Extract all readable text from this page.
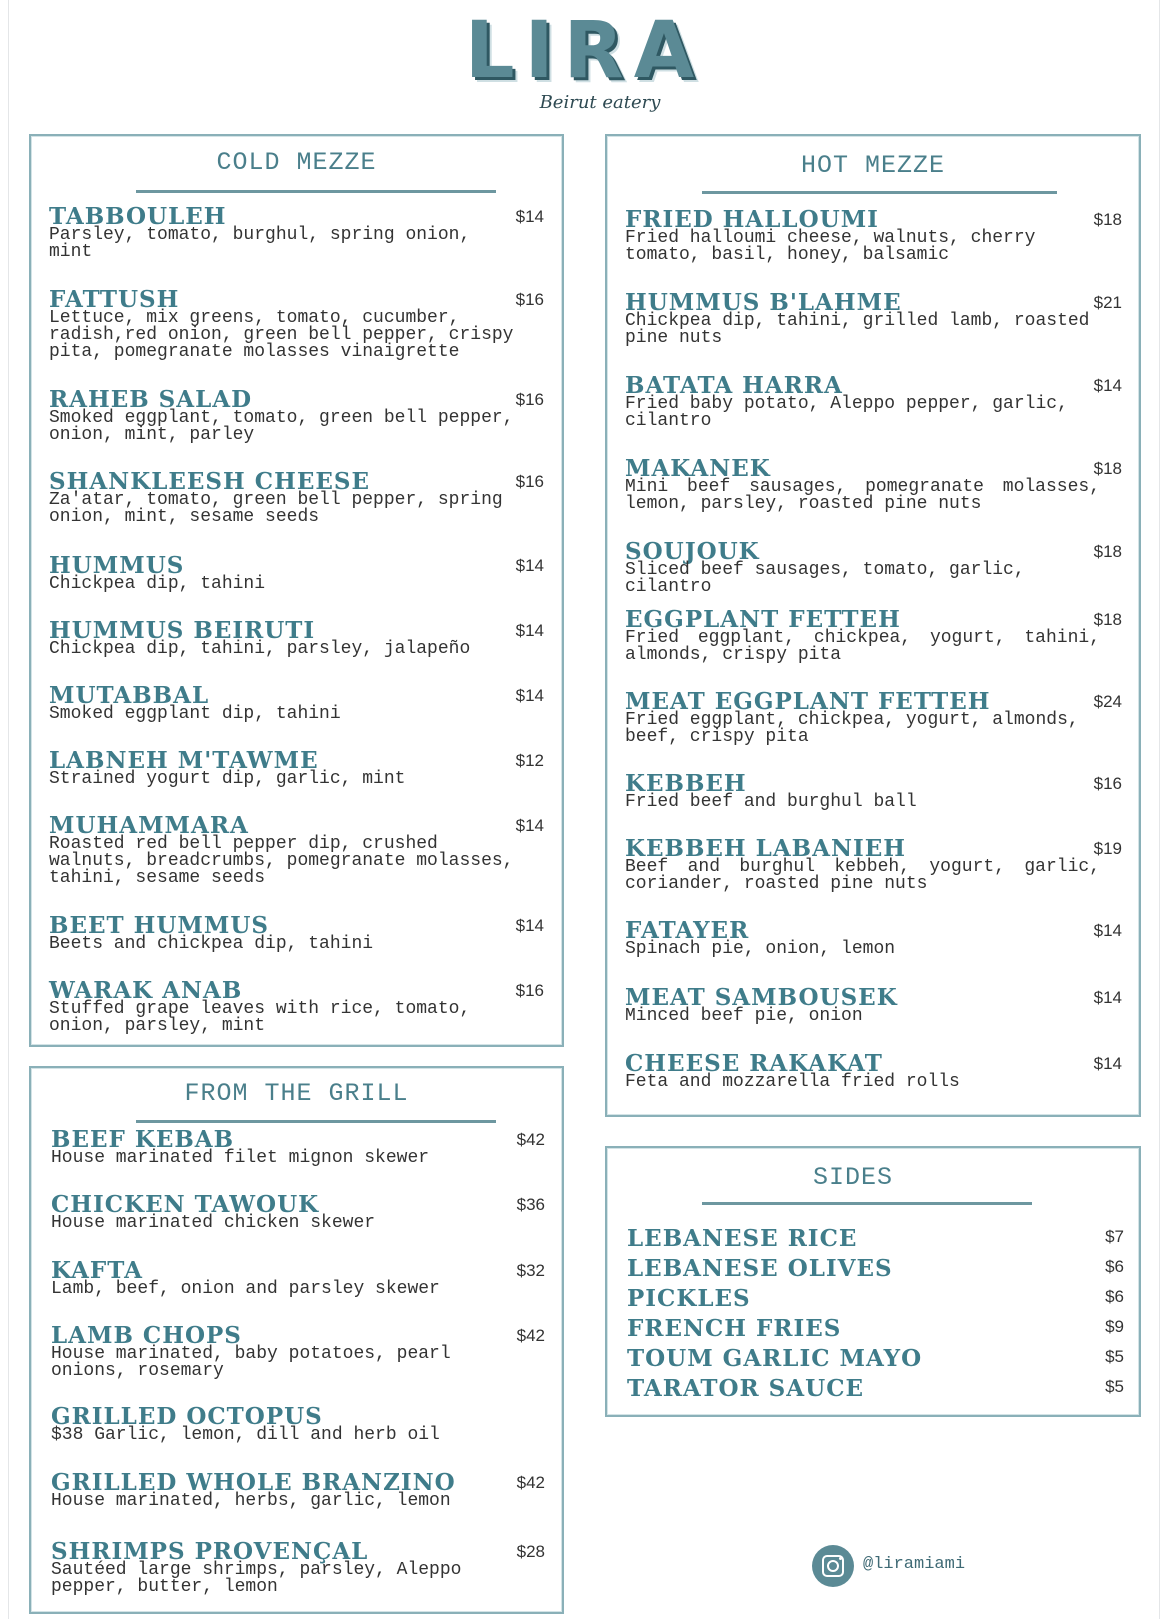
LIRA
Beirut eatery
COLD MEZZE
TABBOULEH	$14
Parsley, tomato, burghul, spring onion, mint
FATTUSH	$16
Lettuce, mix greens, tomato, cucumber, radish,red onion, green bell pepper, crispy pita, pomegranate molasses vinaigrette
RAHEB SALAD	$16
Smoked eggplant, tomato, green bell pepper, onion, mint, parley
SHANKLEESH CHEESE	$16
Za'atar, tomato, green bell pepper, spring onion, mint, sesame seeds
HUMMUS	$14
Chickpea dip, tahini
HUMMUS BEIRUTI	$14
Chickpea dip, tahini, parsley, jalapeño
MUTABBAL	$14
Smoked eggplant dip, tahini
LABNEH M'TAWME	$12
Strained yogurt dip, garlic, mint
MUHAMMARA	$14
Roasted red bell pepper dip, crushed walnuts, breadcrumbs, pomegranate molasses, tahini, sesame seeds
BEET HUMMUS	$14
Beets and chickpea dip, tahini
WARAK ANAB	$16
Stuffed grape leaves with rice, tomato, onion, parsley, mint
FROM THE GRILL
BEEF KEBAB	$42
House marinated filet mignon skewer
CHICKEN TAWOUK	$36
House marinated chicken skewer
KAFTA	$32
Lamb, beef, onion and parsley skewer
LAMB CHOPS	$42
House marinated, baby potatoes, pearl onions, rosemary
GRILLED OCTOPUS
$38 Garlic, lemon, dill and herb oil
GRILLED WHOLE BRANZINO	$42
House marinated, herbs, garlic, lemon
SHRIMPS PROVENÇAL	$28
Sautéed large shrimps, parsley, Aleppo pepper, butter, lemon
HOT MEZZE
FRIED HALLOUMI	$18
Fried halloumi cheese, walnuts, cherry tomato, basil, honey, balsamic
HUMMUS B'LAHME	$21
Chickpea dip, tahini, grilled lamb, roasted pine nuts
BATATA HARRA	$14
Fried baby potato, Aleppo pepper, garlic, cilantro
MAKANEK	$18
Mini beef sausages, pomegranate molasses, lemon, parsley, roasted pine nuts
SOUJOUK	$18
Sliced beef sausages, tomato, garlic, cilantro
EGGPLANT FETTEH	$18
Fried eggplant, chickpea, yogurt, tahini, almonds, crispy pita
MEAT EGGPLANT FETTEH	$24
Fried eggplant, chickpea, yogurt, almonds, beef, crispy pita
KEBBEH	$16
Fried beef and burghul ball
KEBBEH LABANIEH	$19
Beef and burghul kebbeh, yogurt, garlic, coriander, roasted pine nuts
FATAYER	$14
Spinach pie, onion, lemon
MEAT SAMBOUSEK	$14
Minced beef pie, onion
CHEESE RAKAKAT	$14
Feta and mozzarella fried rolls
SIDES
LEBANESE RICE	$7
LEBANESE OLIVES	$6
PICKLES	$6
FRENCH FRIES	$9
TOUM GARLIC MAYO	$5
TARATOR SAUCE	$5
@liramiami
